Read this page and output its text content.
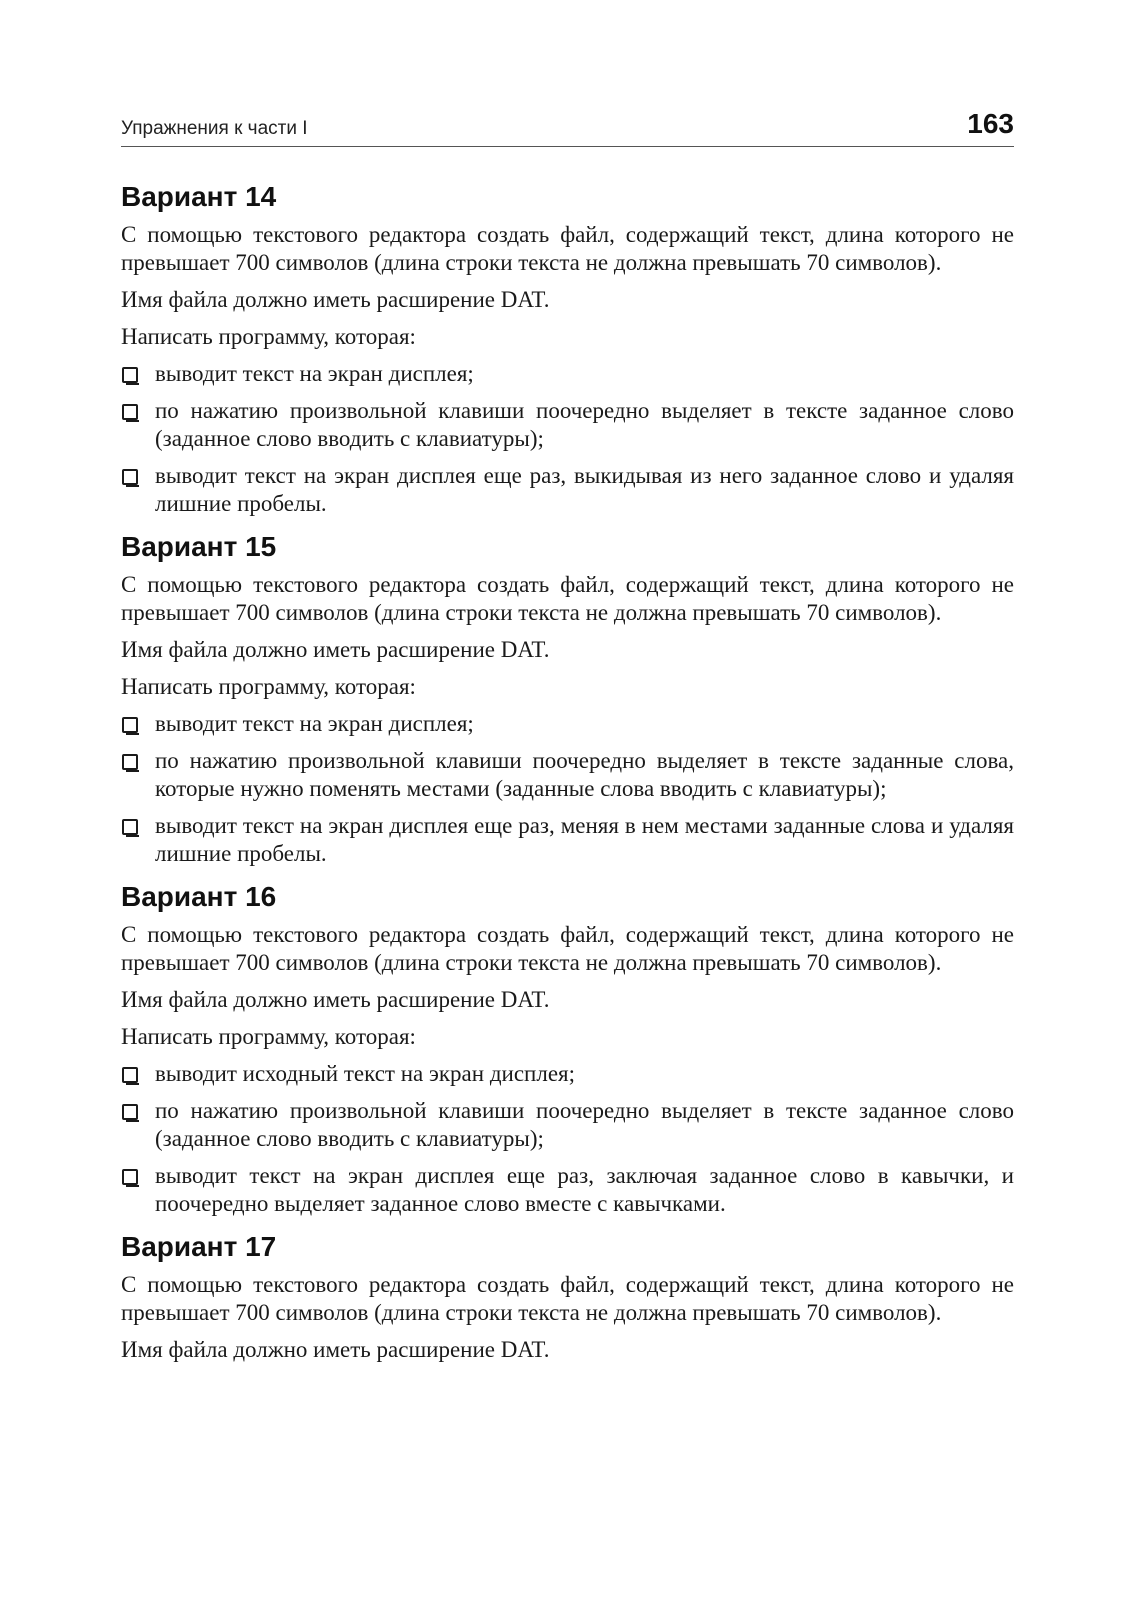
Упражнения к части I	163
Вариант 14

С помощью текстового редактора создать файл, содержащий текст, длина которого не превышает 700 символов (длина строки текста не должна превышать 70 символов).

Имя файла должно иметь расширение DAT.

Написать программу, которая:

выводит текст на экран дисплея;
по нажатию произвольной клавиши поочередно выделяет в тексте заданное слово (заданное слово вводить с клавиатуры);
выводит текст на экран дисплея еще раз, выкидывая из него заданное слово и удаляя лишние пробелы.
Вариант 15

С помощью текстового редактора создать файл, содержащий текст, длина которого не превышает 700 символов (длина строки текста не должна превышать 70 символов).

Имя файла должно иметь расширение DAT.

Написать программу, которая:

выводит текст на экран дисплея;
по нажатию произвольной клавиши поочередно выделяет в тексте заданные слова, которые нужно поменять местами (заданные слова вводить с клавиатуры);
выводит текст на экран дисплея еще раз, меняя в нем местами заданные слова и удаляя лишние пробелы.
Вариант 16

С помощью текстового редактора создать файл, содержащий текст, длина которого не превышает 700 символов (длина строки текста не должна превышать 70 символов).

Имя файла должно иметь расширение DAT.

Написать программу, которая:

выводит исходный текст на экран дисплея;
по нажатию произвольной клавиши поочередно выделяет в тексте заданное слово (заданное слово вводить с клавиатуры);
выводит текст на экран дисплея еще раз, заключая заданное слово в кавычки, и поочередно выделяет заданное слово вместе с кавычками.
Вариант 17

С помощью текстового редактора создать файл, содержащий текст, длина которого не превышает 700 символов (длина строки текста не должна превышать 70 символов).

Имя файла должно иметь расширение DAT.
